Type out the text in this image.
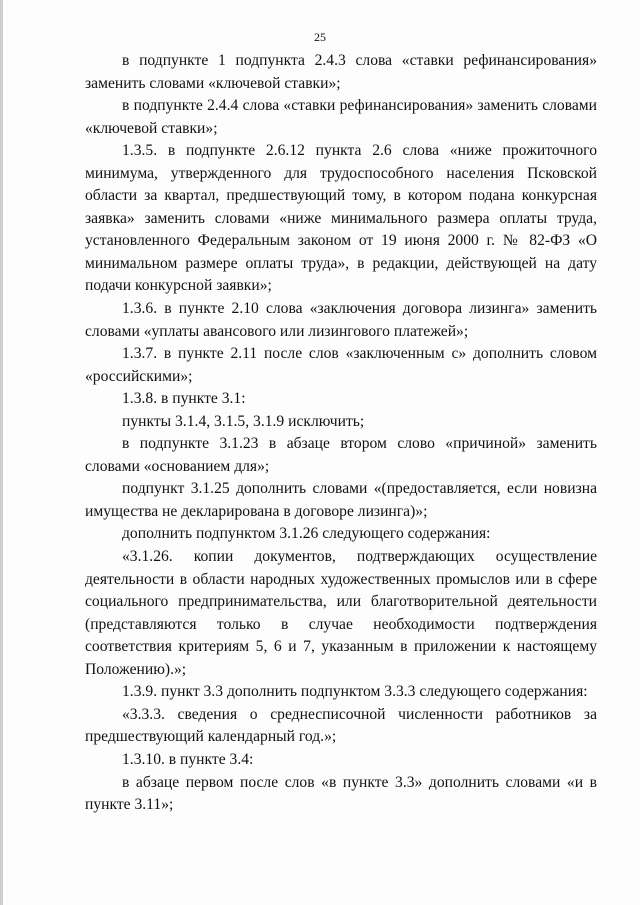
25

в подпункте 1 подпункта 2.4.3 слова «ставки рефинансирования» заменить словами «ключевой ставки»;

в подпункте 2.4.4 слова «ставки рефинансирования» заменить словами «ключевой ставки»;

1.3.5. в подпункте 2.6.12 пункта 2.6 слова «ниже прожиточного минимума, утвержденного для трудоспособного населения Псковской области за квартал, предшествующий тому, в котором подана конкурсная заявка» заменить словами «ниже минимального размера оплаты труда, установленного Федеральным законом от 19 июня 2000 г. № 82-ФЗ «О минимальном размере оплаты труда», в редакции, действующей на дату подачи конкурсной заявки»;

1.3.6. в пункте 2.10 слова «заключения договора лизинга» заменить словами «уплаты авансового или лизингового платежей»;

1.3.7. в пункте 2.11 после слов «заключенным с» дополнить словом «российскими»;

1.3.8. в пункте 3.1:

пункты 3.1.4, 3.1.5, 3.1.9 исключить;

в подпункте 3.1.23 в абзаце втором слово «причиной» заменить словами «основанием для»;

подпункт 3.1.25 дополнить словами «(предоставляется, если новизна имущества не декларирована в договоре лизинга)»;

дополнить подпунктом 3.1.26 следующего содержания:

«3.1.26. копии документов, подтверждающих осуществление деятельности в области народных художественных промыслов или в сфере социального предпринимательства, или благотворительной деятельности (представляются только в случае необходимости подтверждения соответствия критериям 5, 6 и 7, указанным в приложении к настоящему Положению).»;

1.3.9. пункт 3.3 дополнить подпунктом 3.3.3 следующего содержания:

«3.3.3. сведения о среднесписочной численности работников за предшествующий календарный год.»;

1.3.10. в пункте 3.4:

в абзаце первом после слов «в пункте 3.3» дополнить словами «и в пункте 3.11»;
